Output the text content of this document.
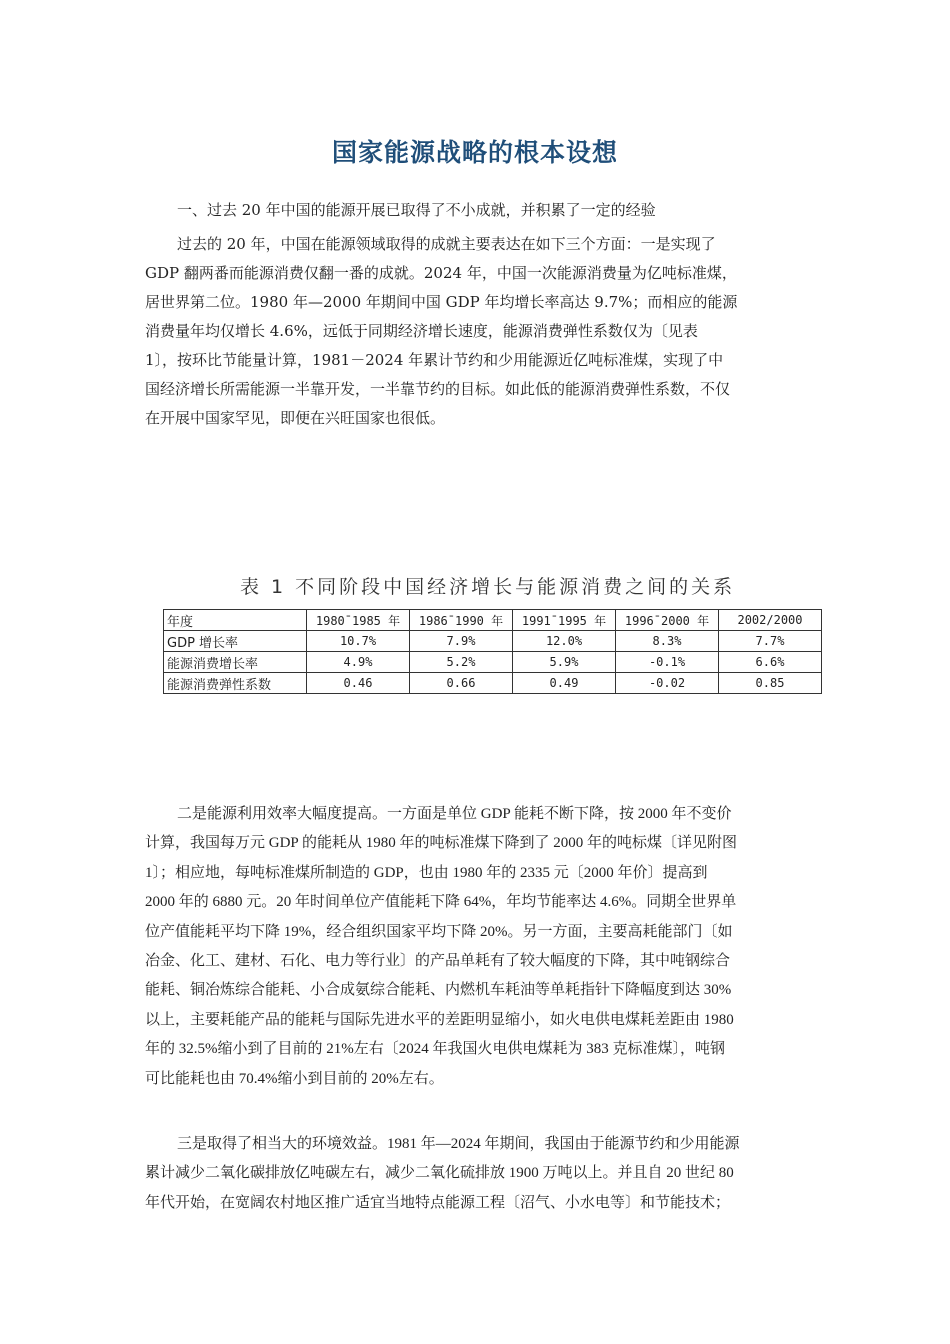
国家能源战略的根本设想
一、过去 20 年中国的能源开展已取得了不小成就，并积累了一定的经验
过去的 20 年，中国在能源领域取得的成就主要表达在如下三个方面：一是实现了
GDP 翻两番而能源消费仅翻一番的成就。2024 年，中国一次能源消费量为亿吨标准煤，
居世界第二位。1980 年—2000 年期间中国 GDP 年均增长率高达 9.7%；而相应的能源
消费量年均仅增长 4.6%，远低于同期经济增长速度，能源消费弹性系数仅为〔见表
1〕，按环比节能量计算，1981－2024 年累计节约和少用能源近亿吨标准煤，实现了中
国经济增长所需能源一半靠开发，一半靠节约的目标。如此低的能源消费弹性系数，不仅
在开展中国家罕见，即便在兴旺国家也很低。
表 1 不同阶段中国经济增长与能源消费之间的关系
年度	1980¯1985 年	1986¯1990 年	1991¯1995 年	1996¯2000 年	2002/2000
GDP 增长率	10.7%	7.9%	12.0%	8.3%	7.7%
能源消费增长率	4.9%	5.2%	5.9%	-0.1%	6.6%
能源消费弹性系数	0.46	0.66	0.49	-0.02	0.85
二是能源利用效率大幅度提高。一方面是单位 GDP 能耗不断下降，按 2000 年不变价
计算，我国每万元 GDP 的能耗从 1980 年的吨标准煤下降到了 2000 年的吨标煤〔详见附图
1〕；相应地，每吨标准煤所制造的 GDP，也由 1980 年的 2335 元〔2000 年价〕提高到
2000 年的 6880 元。20 年时间单位产值能耗下降 64%，年均节能率达 4.6%。同期全世界单
位产值能耗平均下降 19%，经合组织国家平均下降 20%。另一方面，主要高耗能部门〔如
冶金、化工、建材、石化、电力等行业〕的产品单耗有了较大幅度的下降，其中吨钢综合
能耗、铜冶炼综合能耗、小合成氨综合能耗、内燃机车耗油等单耗指针下降幅度到达 30%
以上，主要耗能产品的能耗与国际先进水平的差距明显缩小，如火电供电煤耗差距由 1980
年的 32.5%缩小到了目前的 21%左右〔2024 年我国火电供电煤耗为 383 克标准煤〕，吨钢
可比能耗也由 70.4%缩小到目前的 20%左右。
三是取得了相当大的环境效益。1981 年—2024 年期间，我国由于能源节约和少用能源
累计减少二氧化碳排放亿吨碳左右，减少二氧化硫排放 1900 万吨以上。并且自 20 世纪 80
年代开始，在宽阔农村地区推广适宜当地特点能源工程〔沼气、小水电等〕和节能技术；
